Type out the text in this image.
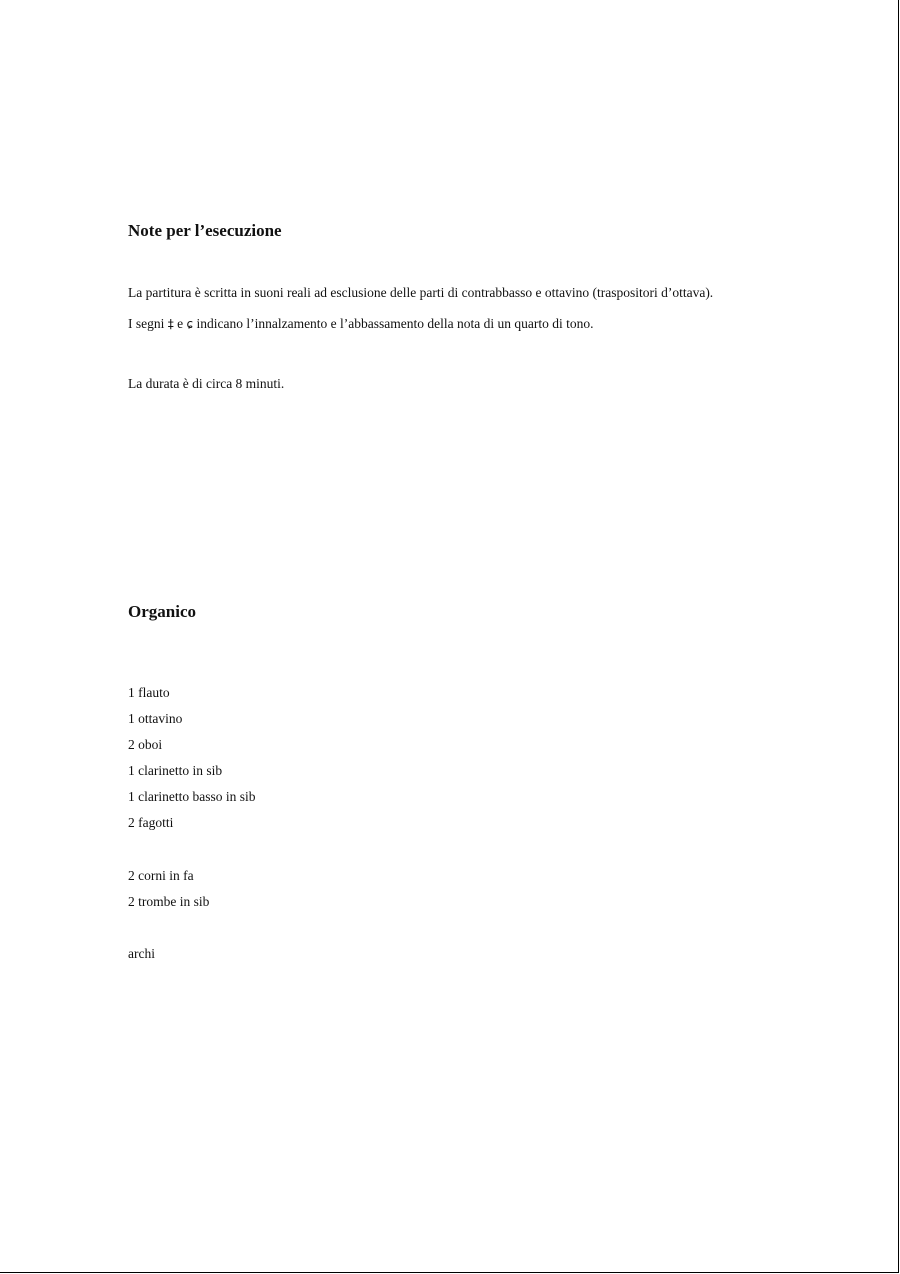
Note per l’esecuzione

La partitura è scritta in suoni reali ad esclusione delle parti di contrabbasso e ottavino (traspositori d’ottava).

I segni ‡ e ɕ indicano l’innalzamento e l’abbassamento della nota di un quarto di tono.

La durata è di circa 8 minuti.

Organico
1 flauto
1 ottavino
2 oboi
1 clarinetto in sib
1 clarinetto basso in sib
2 fagotti
2 corni in fa
2 trombe in sib
archi
